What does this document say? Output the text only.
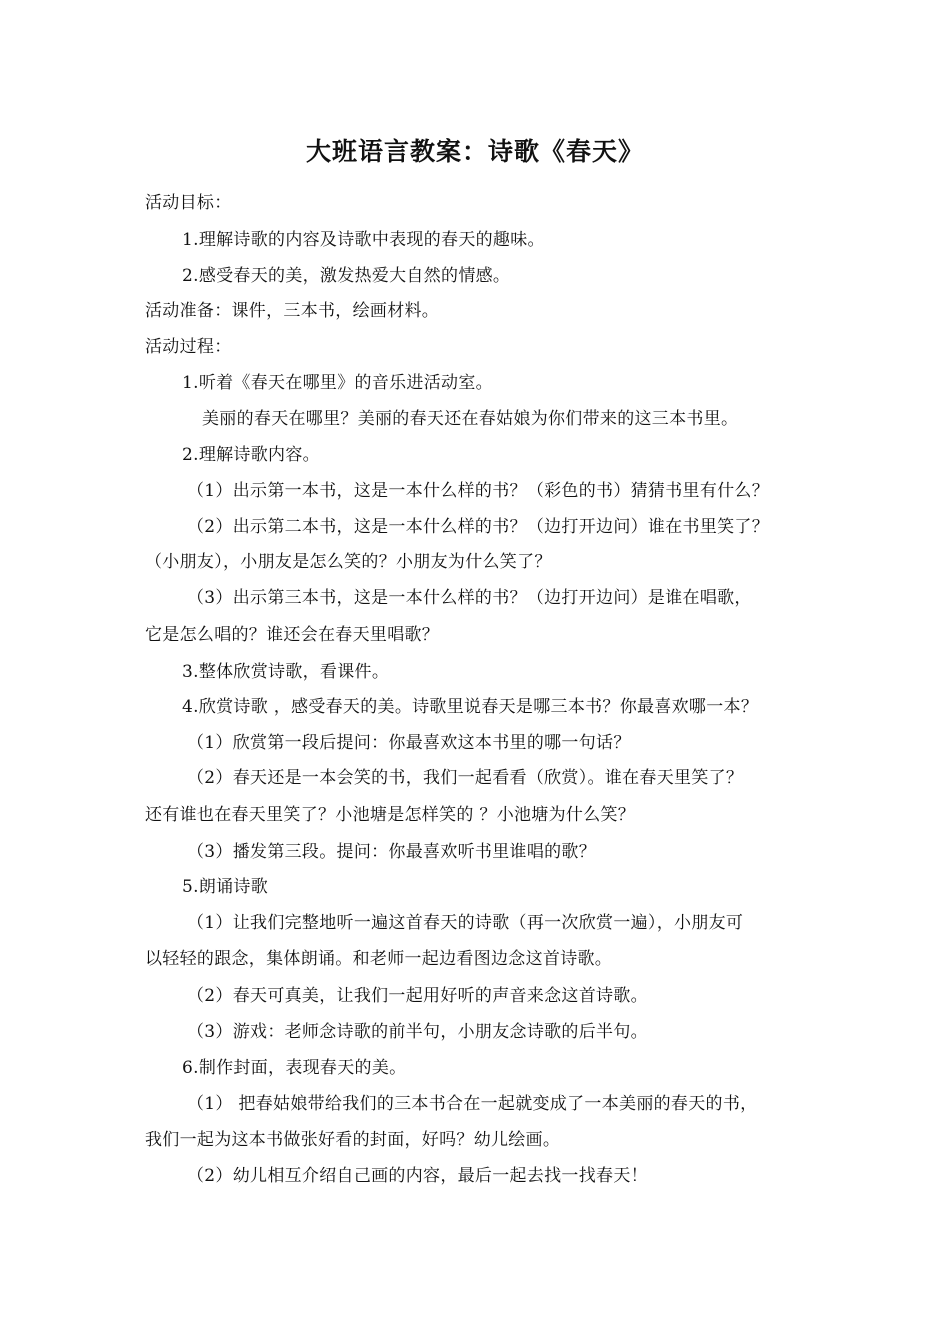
大班语言教案：诗歌《春天》
活动目标：
1.理解诗歌的内容及诗歌中表现的春天的趣味。
2.感受春天的美，激发热爱大自然的情感。
活动准备：课件，三本书，绘画材料。
活动过程：
1.听着《春天在哪里》的音乐进活动室。
美丽的春天在哪里？美丽的春天还在春姑娘为你们带来的这三本书里。
2.理解诗歌内容。
（1）出示第一本书，这是一本什么样的书？（彩色的书）猜猜书里有什么？
（2）出示第二本书，这是一本什么样的书？（边打开边问）谁在书里笑了？
（小朋友），小朋友是怎么笑的？小朋友为什么笑了？
（3）出示第三本书，这是一本什么样的书？（边打开边问）是谁在唱歌，
它是怎么唱的？谁还会在春天里唱歌？
3.整体欣赏诗歌，看课件。
4.欣赏诗歌 ，感受春天的美。诗歌里说春天是哪三本书？你最喜欢哪一本？
（1）欣赏第一段后提问：你最喜欢这本书里的哪一句话？
（2）春天还是一本会笑的书，我们一起看看（欣赏）。谁在春天里笑了？
还有谁也在春天里笑了？小池塘是怎样笑的 ？小池塘为什么笑？
（3）播发第三段。提问：你最喜欢听书里谁唱的歌？
5.朗诵诗歌
（1）让我们完整地听一遍这首春天的诗歌（再一次欣赏一遍），小朋友可
以轻轻的跟念，集体朗诵。和老师一起边看图边念这首诗歌。
（2）春天可真美，让我们一起用好听的声音来念这首诗歌。
（3）游戏：老师念诗歌的前半句，小朋友念诗歌的后半句。
6.制作封面，表现春天的美。
（1） 把春姑娘带给我们的三本书合在一起就变成了一本美丽的春天的书，
我们一起为这本书做张好看的封面，好吗？幼儿绘画。
（2）幼儿相互介绍自己画的内容，最后一起去找一找春天！
